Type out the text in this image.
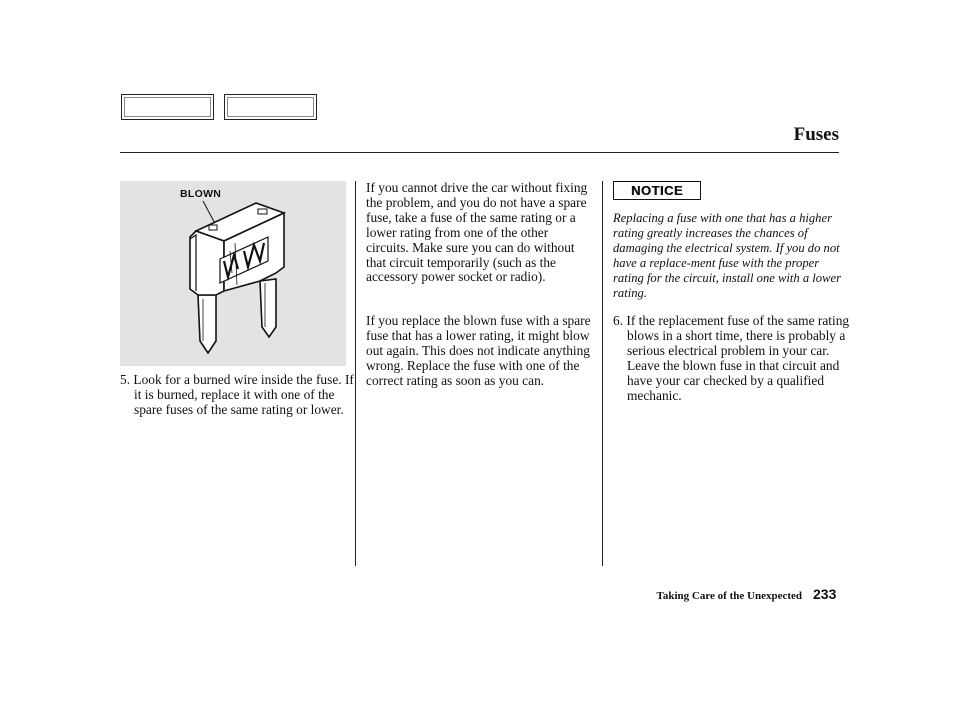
Fuses
BLOWN
5. Look for a burned wire inside the fuse. If it is burned, replace it with one of the spare fuses of the same rating or lower.
If you cannot drive the car without fixing the problem, and you do not have a spare fuse, take a fuse of the same rating or a lower rating from one of the other circuits. Make sure you can do without that circuit temporarily (such as the accessory power socket or radio).
If you replace the blown fuse with a spare fuse that has a lower rating, it might blow out again. This does not indicate anything wrong. Replace the fuse with one of the correct rating as soon as you can.
NOTICE
Replacing a fuse with one that has a higher rating greatly increases the chances of damaging the electrical system. If you do not have a replace-ment fuse with the proper rating for the circuit, install one with a lower rating.
6. If the replacement fuse of the same rating blows in a short time, there is probably a serious electrical problem in your car. Leave the blown fuse in that circuit and have your car checked by a qualified mechanic.
Taking Care of the Unexpected 233
